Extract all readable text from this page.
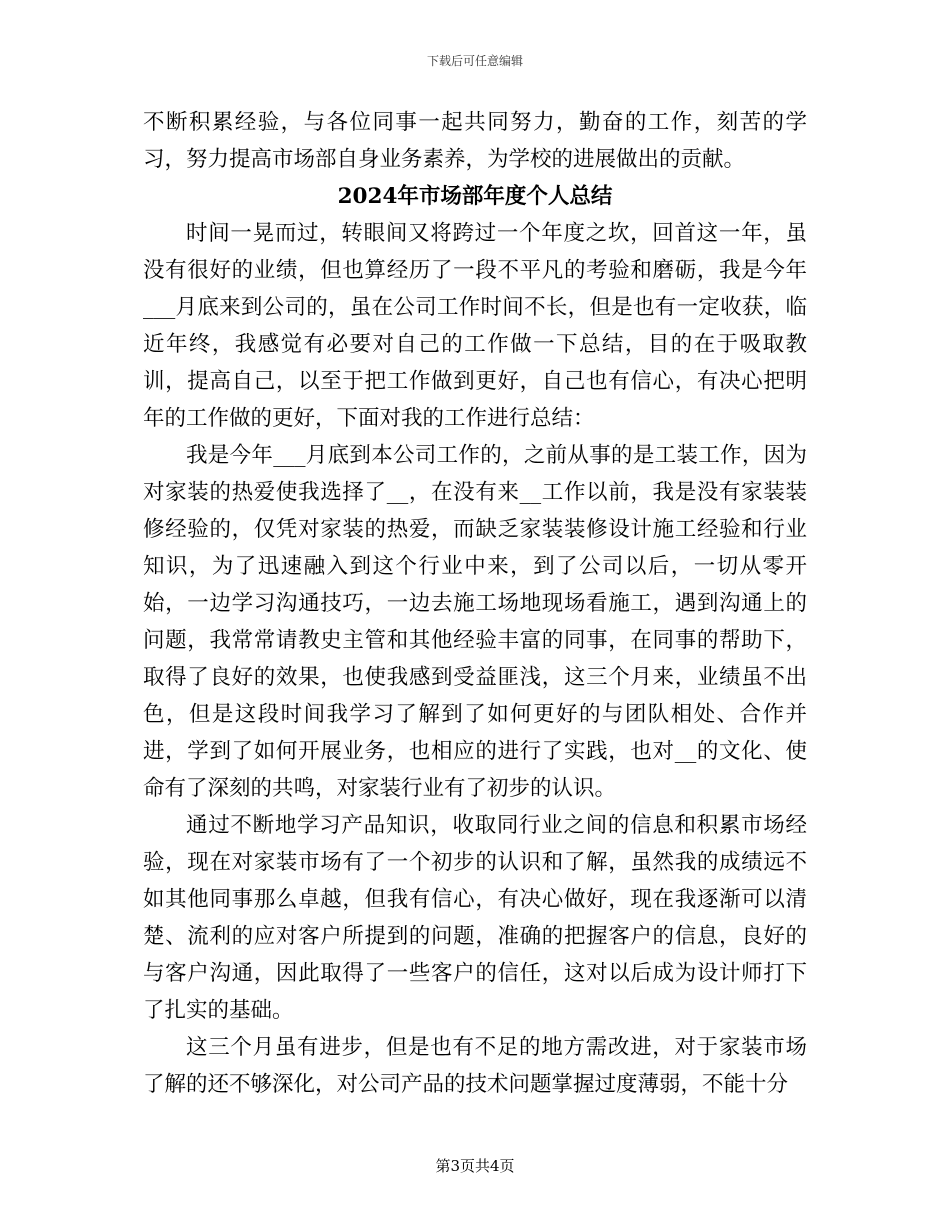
下载后可任意编辑

不断积累经验，与各位同事一起共同努力，勤奋的工作，刻苦的学习，努力提高市场部自身业务素养，为学校的进展做出的贡献。

2024年市场部年度个人总结

时间一晃而过，转眼间又将跨过一个年度之坎，回首这一年，虽没有很好的业绩，但也算经历了一段不平凡的考验和磨砺，我是今年___月底来到公司的，虽在公司工作时间不长，但是也有一定收获，临近年终，我感觉有必要对自己的工作做一下总结，目的在于吸取教训，提高自己，以至于把工作做到更好，自己也有信心，有决心把明年的工作做的更好，下面对我的工作进行总结：

我是今年___月底到本公司工作的，之前从事的是工装工作，因为对家装的热爱使我选择了__，在没有来__工作以前，我是没有家装装修经验的，仅凭对家装的热爱，而缺乏家装装修设计施工经验和行业知识，为了迅速融入到这个行业中来，到了公司以后，一切从零开始，一边学习沟通技巧，一边去施工场地现场看施工，遇到沟通上的问题，我常常请教史主管和其他经验丰富的同事，在同事的帮助下，取得了良好的效果，也使我感到受益匪浅，这三个月来，业绩虽不出色，但是这段时间我学习了解到了如何更好的与团队相处、合作并进，学到了如何开展业务，也相应的进行了实践，也对__的文化、使命有了深刻的共鸣，对家装行业有了初步的认识。

通过不断地学习产品知识，收取同行业之间的信息和积累市场经验，现在对家装市场有了一个初步的认识和了解，虽然我的成绩远不如其他同事那么卓越，但我有信心，有决心做好，现在我逐渐可以清楚、流利的应对客户所提到的问题，准确的把握客户的信息，良好的与客户沟通，因此取得了一些客户的信任，这对以后成为设计师打下了扎实的基础。

这三个月虽有进步，但是也有不足的地方需改进，对于家装市场了解的还不够深化，对公司产品的技术问题掌握过度薄弱，不能十分

第3页共4页
